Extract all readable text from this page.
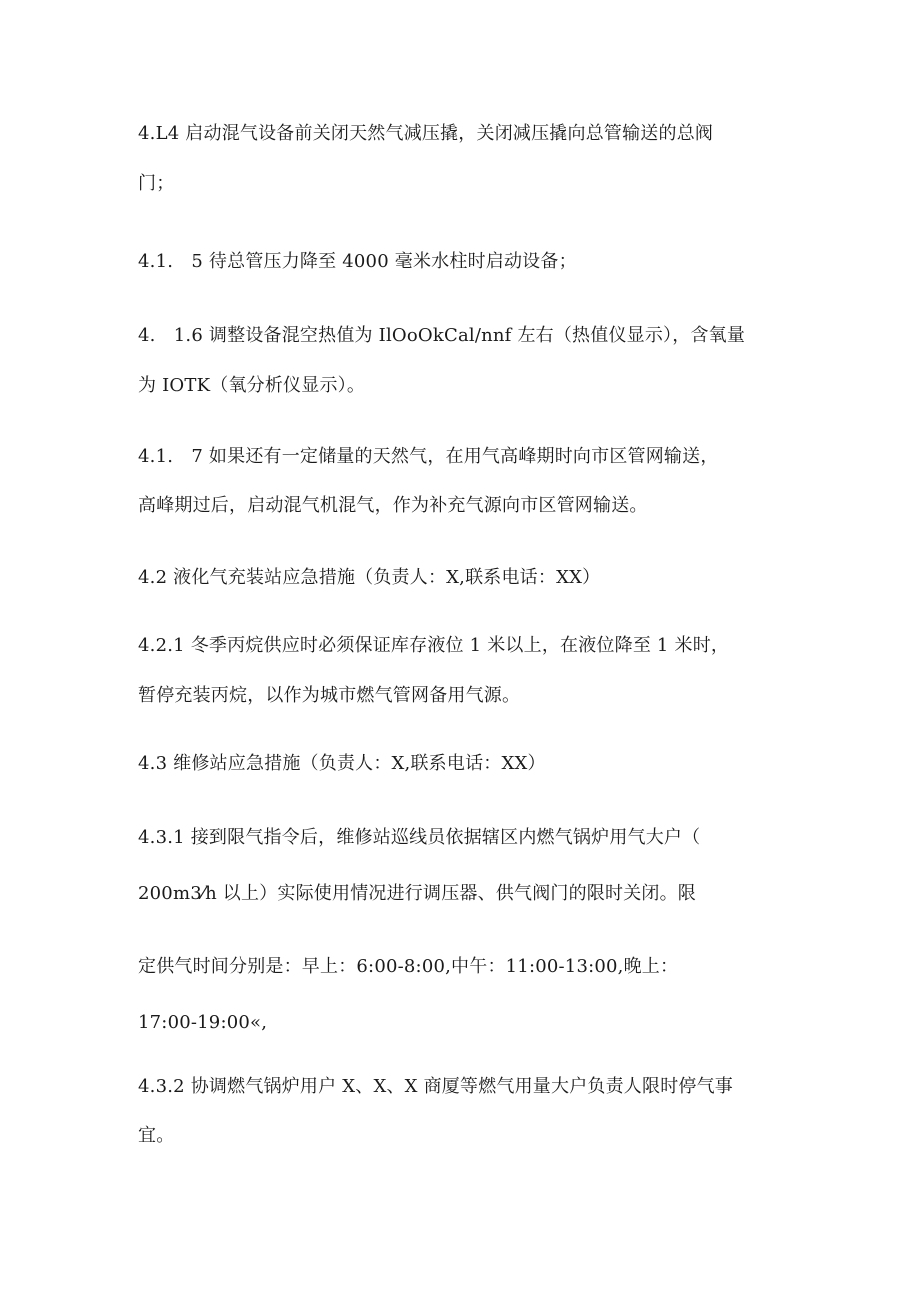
4.L4 启动混气设备前关闭天然气减压撬，关闭减压撬向总管输送的总阀
门；
4.1.　5 待总管压力降至 4000 毫米水柱时启动设备；
4.　1.6 调整设备混空热值为 IlOoOkCal/nnf 左右（热值仪显示），含氧量
为 IOTK（氧分析仪显示）。
4.1.　7 如果还有一定储量的天然气，在用气高峰期时向市区管网输送，
高峰期过后，启动混气机混气，作为补充气源向市区管网输送。
4.2 液化气充装站应急措施（负责人：X,联系电话：XX）
4.2.1 冬季丙烷供应时必须保证库存液位 1 米以上，在液位降至 1 米时，
暂停充装丙烷，以作为城市燃气管网备用气源。
4.3 维修站应急措施（负责人：X,联系电话：XX）
4.3.1 接到限气指令后，维修站巡线员依据辖区内燃气锅炉用气大户（
200m3⁄h 以上）实际使用情况进行调压器、供气阀门的限时关闭。限
定供气时间分别是：早上：6:00-8:00,中午：11:00-13:00,晚上：
17:00-19:00«,
4.3.2 协调燃气锅炉用户 X、X、X 商厦等燃气用量大户负责人限时停气事
宜。
